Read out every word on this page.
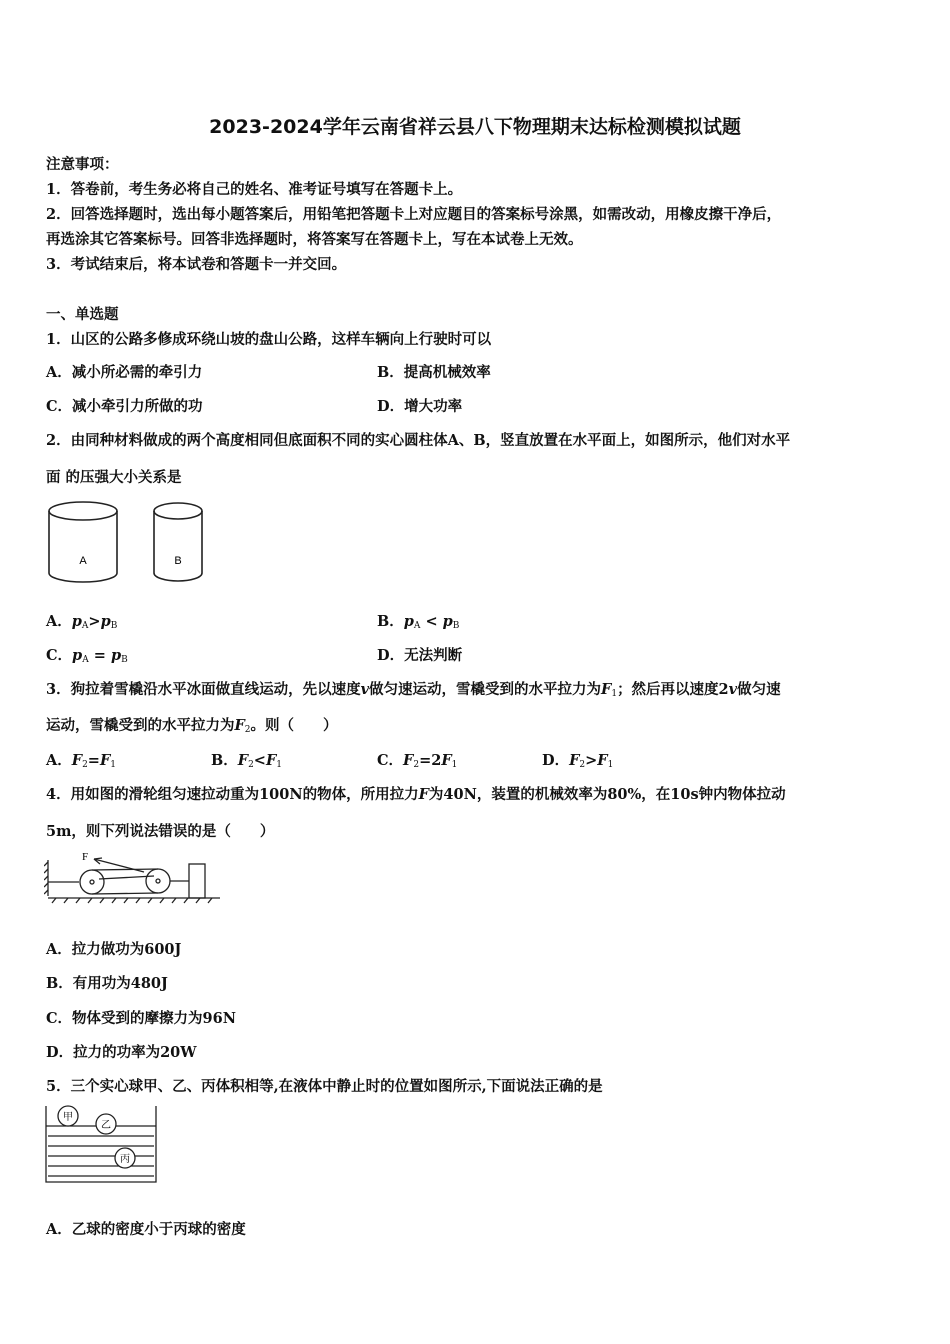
2023-2024学年云南省祥云县八下物理期末达标检测模拟试题
注意事项：
1．答卷前，考生务必将自己的姓名、准考证号填写在答题卡上。
2．回答选择题时，选出每小题答案后，用铅笔把答题卡上对应题目的答案标号涂黑，如需改动，用橡皮擦干净后，
再选涂其它答案标号。回答非选择题时，将答案写在答题卡上，写在本试卷上无效。
3．考试结束后，将本试卷和答题卡一并交回。
一、单选题
1．山区的公路多修成环绕山坡的盘山公路，这样车辆向上行驶时可以
A．减小所必需的牵引力	B．提高机械效率
C．减小牵引力所做的功	D．增大功率
2．由同种材料做成的两个高度相同但底面积不同的实心圆柱体A、B，竖直放置在水平面上，如图所示，他们对水平
面 的压强大小关系是
A	B
A．$p_A>p_B$	B．$p_A < p_B$
C．$p_A = p_B$	D．无法判断
3．狗拉着雪橇沿水平冰面做直线运动，先以速度v做匀速运动，雪橇受到的水平拉力为$F_1$；然后再以速度2v做匀速
运动，雪橇受到的水平拉力为$F_2$。则（　　）
A．$F_2=F_1$	B．$F_2<F_1$	C．$F_2=2F_1$	D．$F_2>F_1$
4．用如图的滑轮组匀速拉动重为100N的物体，所用拉力F为40N，装置的机械效率为80%，在10s钟内物体拉动
5m，则下列说法错误的是（　　）
F
A．拉力做功为600J
B．有用功为480J
C．物体受到的摩擦力为96N
D．拉力的功率为20W
5．三个实心球甲、乙、丙体积相等,在液体中静止时的位置如图所示,下面说法正确的是
甲
乙
丙
A．乙球的密度小于丙球的密度
